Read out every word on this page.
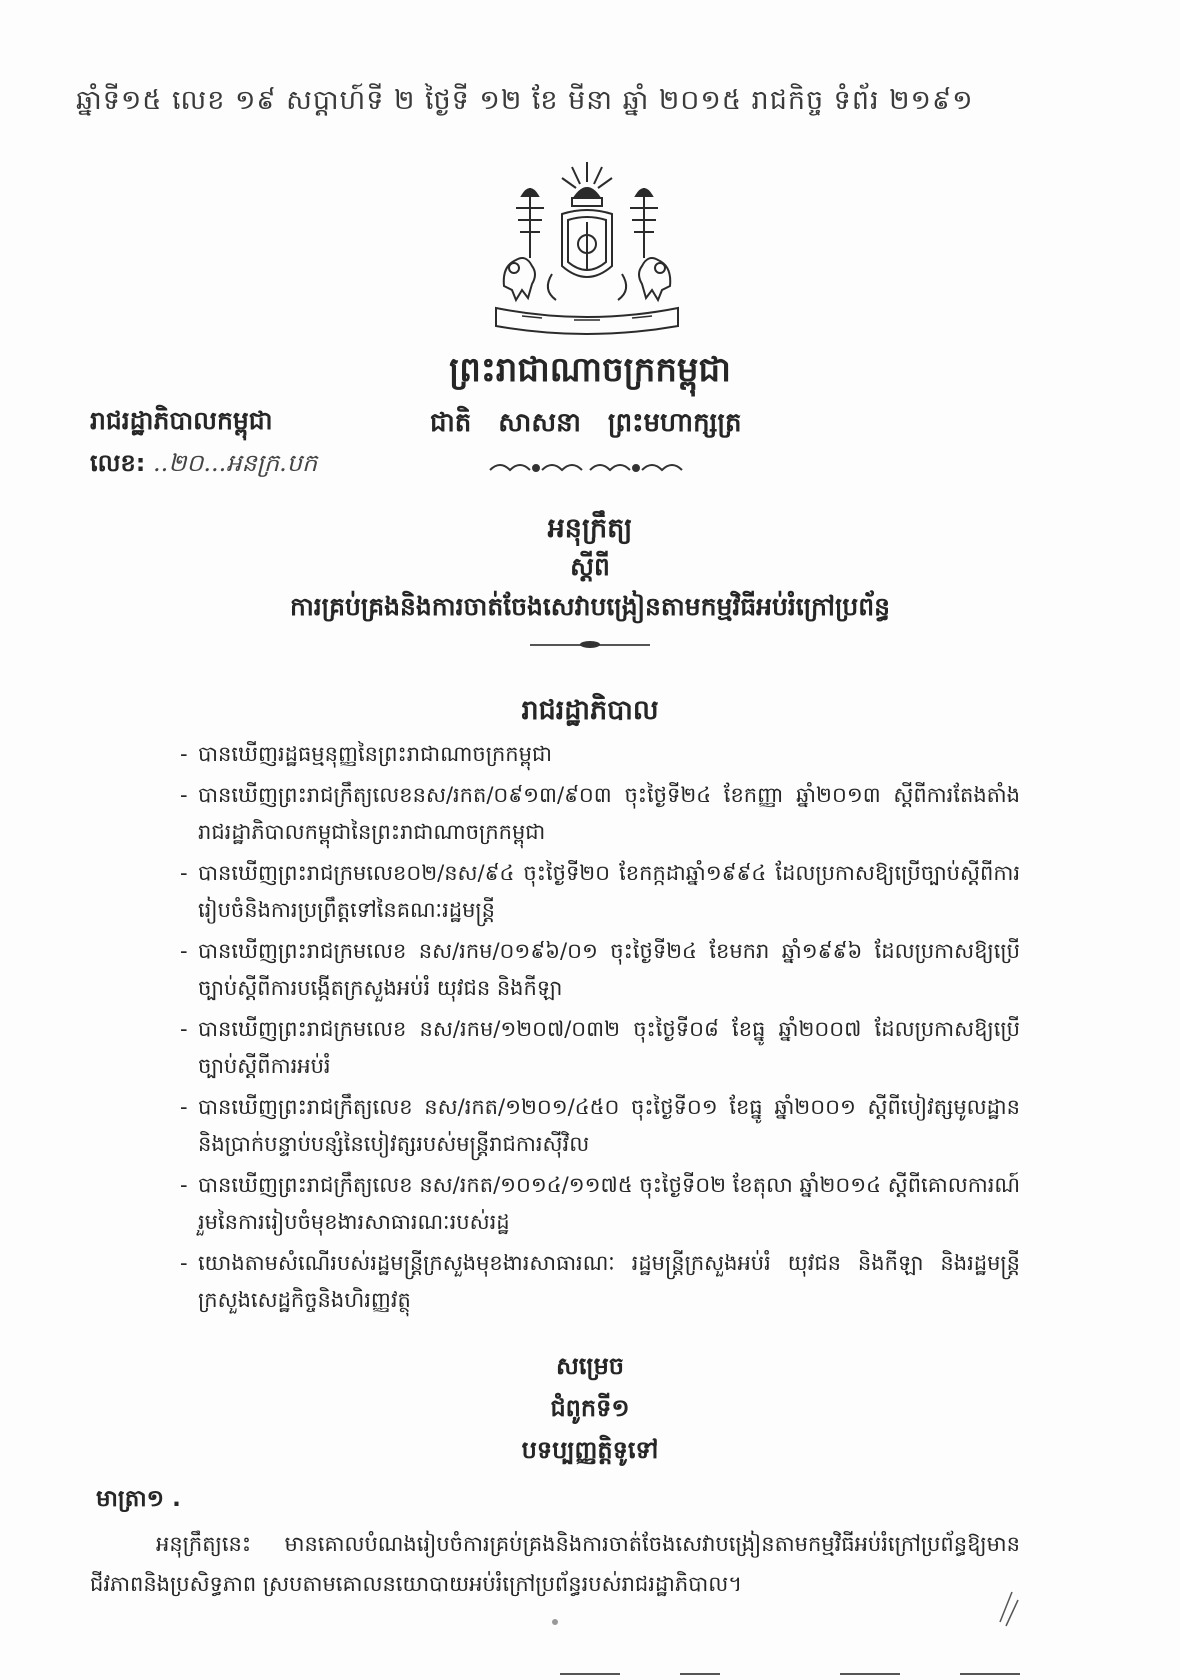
ឆ្នាំទី១៥ លេខ ១៩ សប្តាហ៍ទី ២ ថ្ងៃទី ១២ ខែ មីនា ឆ្នាំ ២០១៥ រាជកិច្ច ទំព័រ ២១៩១
ព្រះរាជាណាចក្រកម្ពុជា
រាជរដ្ឋាភិបាលកម្ពុជា	ជាតិ សាសនា ព្រះមហាក្សត្រ
លេខ: ..២០...អនក្រ.បក
អនុក្រឹត្យ
ស្តីពី
ការគ្រប់គ្រងនិងការចាត់ចែងសេវាបង្រៀនតាមកម្មវិធីអប់រំក្រៅប្រព័ន្ធ
រាជរដ្ឋាភិបាល
- បានឃើញរដ្ឋធម្មនុញ្ញនៃព្រះរាជាណាចក្រកម្ពុជា
- បានឃើញព្រះរាជក្រឹត្យលេខនស/រកត/០៩១៣/៩០៣ ចុះថ្ងៃទី២៤ ខែកញ្ញា ឆ្នាំ២០១៣ ស្តីពីការតែងតាំងរាជរដ្ឋាភិបាលកម្ពុជានៃព្រះរាជាណាចក្រកម្ពុជា
- បានឃើញព្រះរាជក្រមលេខ០២/នស/៩៤ ចុះថ្ងៃទី២០ ខែកក្កដាឆ្នាំ១៩៩៤ ដែលប្រកាសឱ្យប្រើច្បាប់ស្តីពីការរៀបចំនិងការប្រព្រឹត្តទៅនៃគណៈរដ្ឋមន្ត្រី
- បានឃើញព្រះរាជក្រមលេខ នស/រកម/០១៩៦/០១ ចុះថ្ងៃទី២៤ ខែមករា ឆ្នាំ១៩៩៦ ដែលប្រកាសឱ្យប្រើច្បាប់ស្តីពីការបង្កើតក្រសួងអប់រំ យុវជន និងកីឡា
- បានឃើញព្រះរាជក្រមលេខ នស/រកម/១២០៧/០៣២ ចុះថ្ងៃទី០៨ ខែធ្នូ ឆ្នាំ២០០៧ ដែលប្រកាសឱ្យប្រើច្បាប់ស្តីពីការអប់រំ
- បានឃើញព្រះរាជក្រឹត្យលេខ នស/រកត/១២០១/៤៥០ ចុះថ្ងៃទី០១ ខែធ្នូ ឆ្នាំ២០០១ ស្តីពីបៀវត្សមូលដ្ឋាននិងប្រាក់បន្ទាប់បន្សំនៃបៀវត្សរបស់មន្ត្រីរាជការស៊ីវិល
- បានឃើញព្រះរាជក្រឹត្យលេខ នស/រកត/១០១៤/១១៧៥ ចុះថ្ងៃទី០២ ខែតុលា ឆ្នាំ២០១៤ ស្តីពីគោលការណ៍រួមនៃការរៀបចំមុខងារសាធារណៈរបស់រដ្ឋ
- យោងតាមសំណើរបស់រដ្ឋមន្ត្រីក្រសួងមុខងារសាធារណៈ រដ្ឋមន្ត្រីក្រសួងអប់រំ យុវជន និងកីឡា និងរដ្ឋមន្ត្រីក្រសួងសេដ្ឋកិច្ចនិងហិរញ្ញវត្ថុ
សម្រេច
ជំពូកទី១
បទប្បញ្ញត្តិទូទៅ
មាត្រា១ .
អនុក្រឹត្យនេះ មានគោលបំណងរៀបចំការគ្រប់គ្រងនិងការចាត់ចែងសេវាបង្រៀនតាមកម្មវិធីអប់រំក្រៅប្រព័ន្ធឱ្យមានជីវភាពនិងប្រសិទ្ធភាព ស្របតាមគោលនយោបាយអប់រំក្រៅប្រព័ន្ធរបស់រាជរដ្ឋាភិបាល។
